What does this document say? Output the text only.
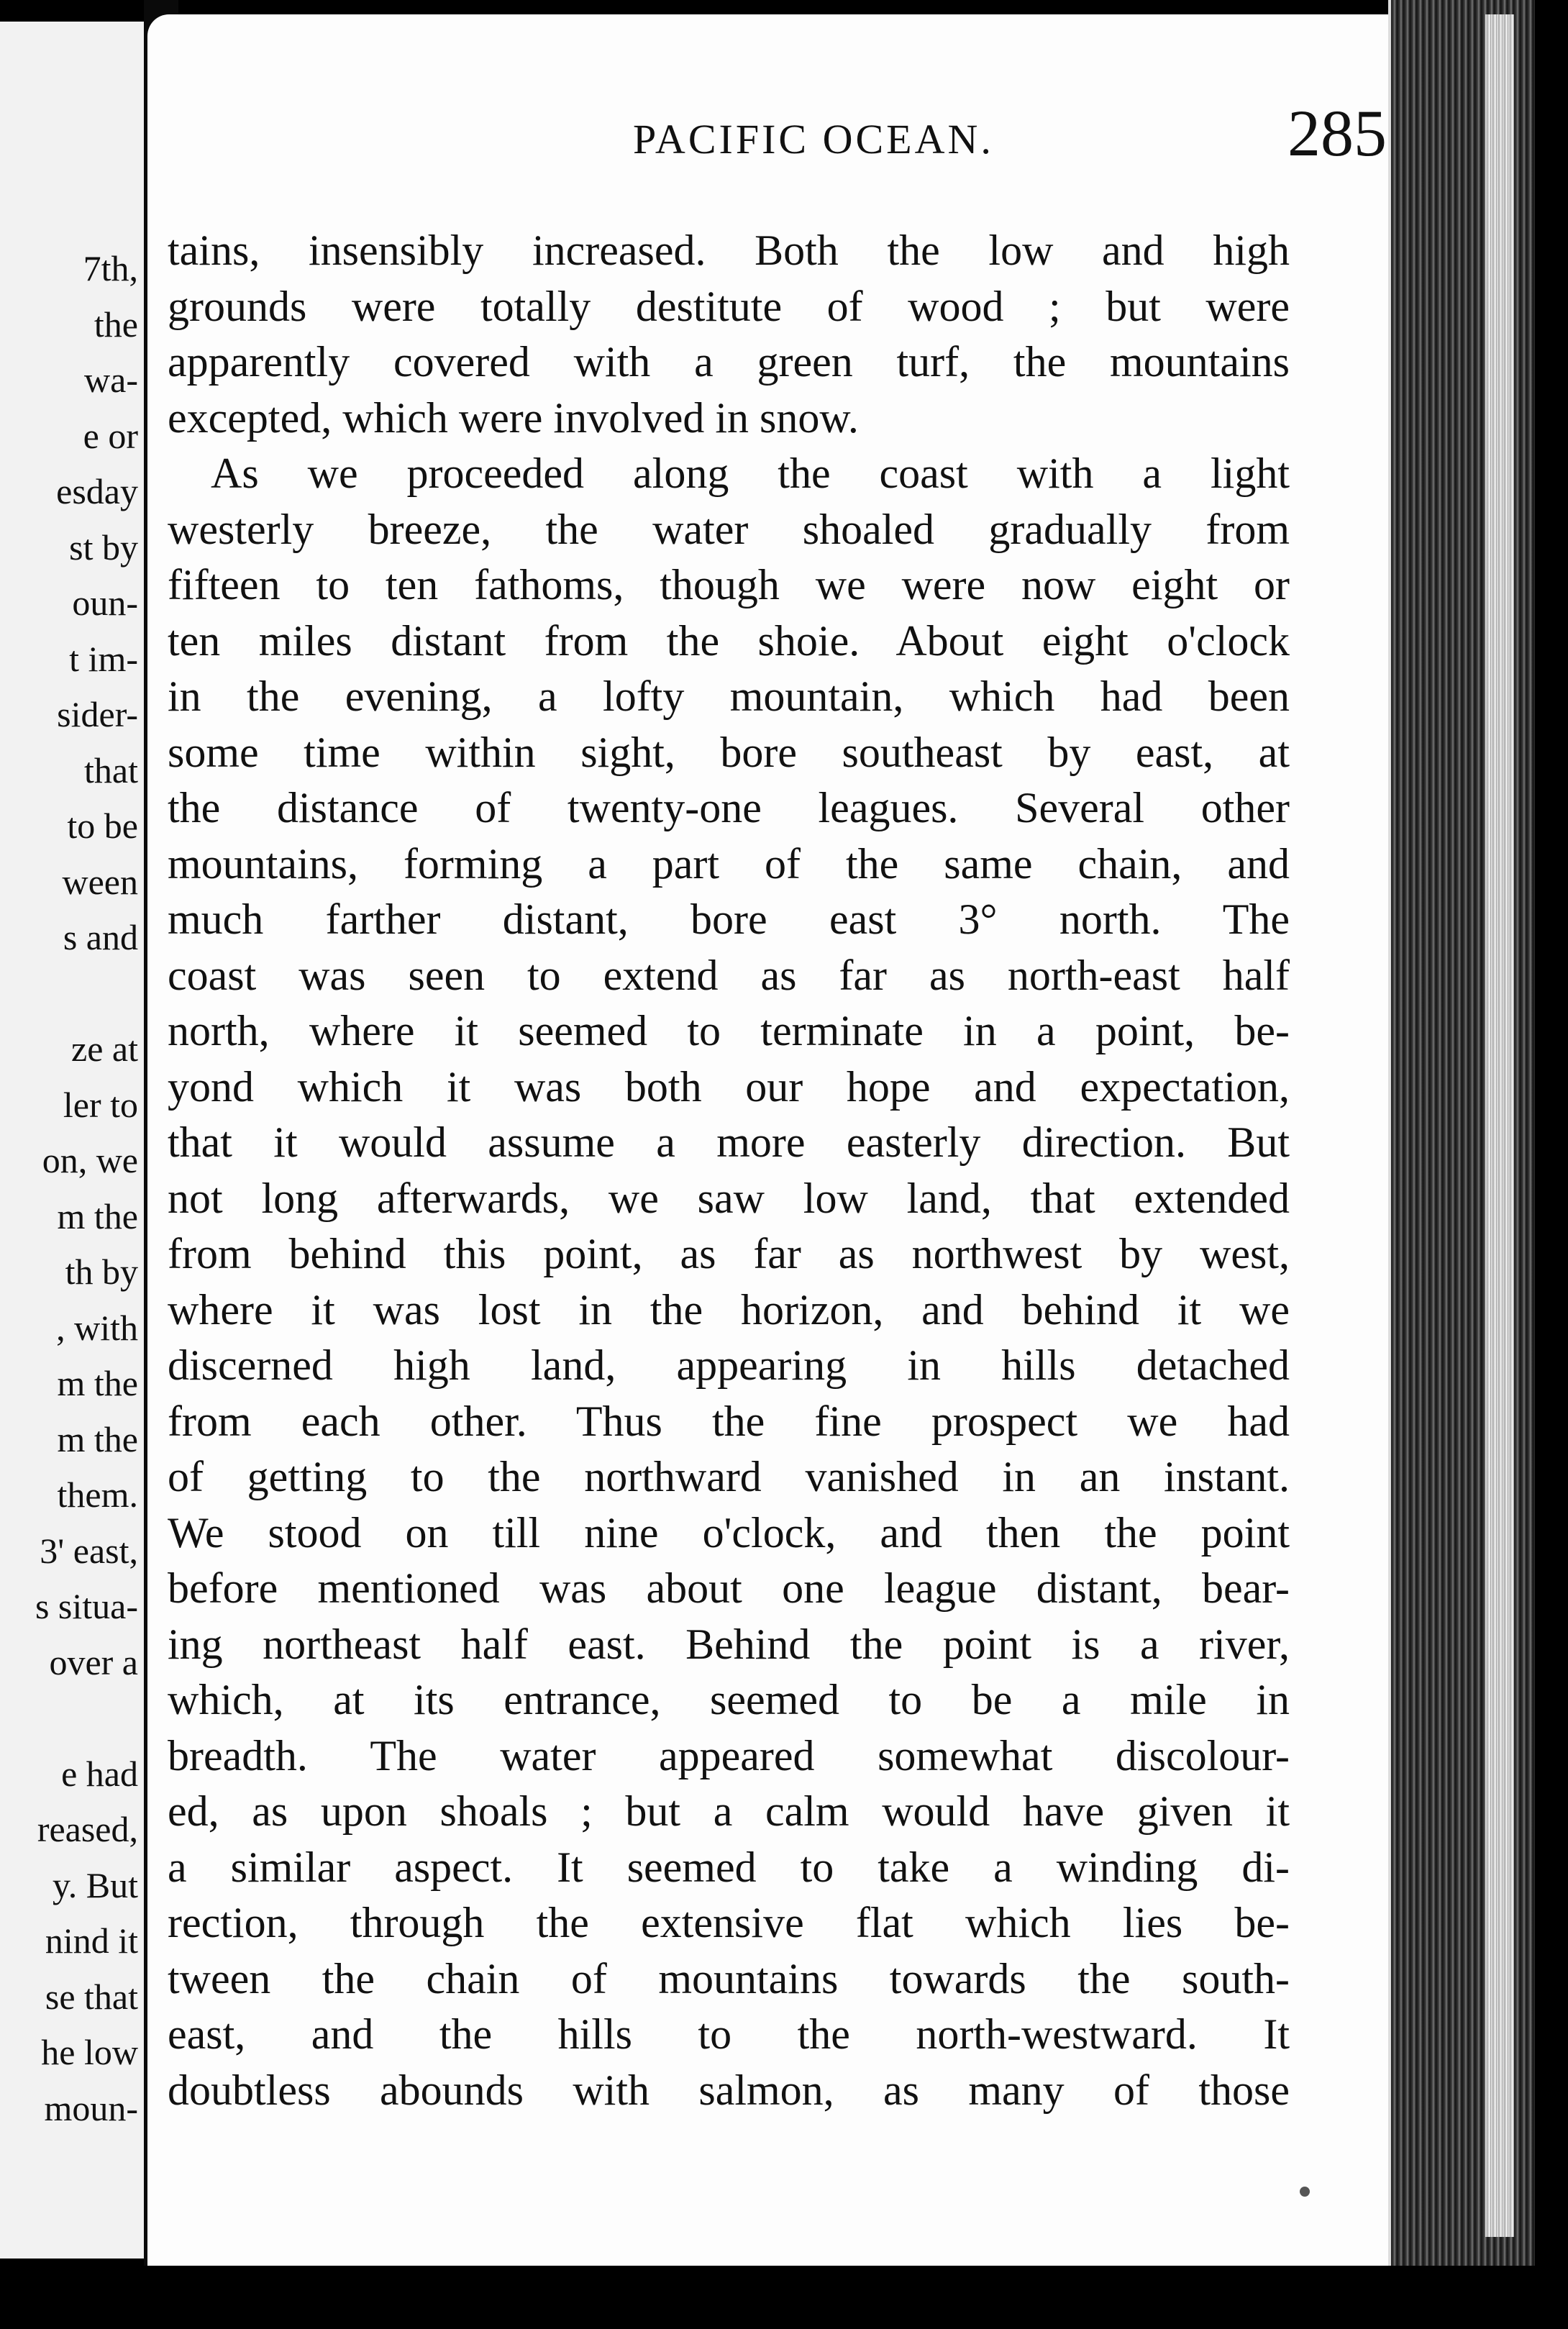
7th,
the
wa-
e or
esday
st by
oun-
t im-
sider-
that
to be
ween
s and
ze at
ler to
on, we
m the
th by
, with
m the
m the
them.
3' east,
s situa-
over a
e had
reased,
y. But
nind it
se that
he low
moun-
PACIFIC OCEAN.	285
tains, insensibly increased. Both the low and high
grounds were totally destitute of wood ; but were
apparently covered with a green turf, the mountains
excepted, which were involved in snow.
As we proceeded along the coast with a light
westerly breeze, the water shoaled gradually from
fifteen to ten fathoms, though we were now eight or
ten miles distant from the shoie. About eight o'clock
in the evening, a lofty mountain, which had been
some time within sight, bore southeast by east, at
the distance of twenty-one leagues. Several other
mountains, forming a part of the same chain, and
much farther distant, bore east 3° north. The
coast was seen to extend as far as north-east half
north, where it seemed to terminate in a point, be-
yond which it was both our hope and expectation,
that it would assume a more easterly direction. But
not long afterwards, we saw low land, that extended
from behind this point, as far as northwest by west,
where it was lost in the horizon, and behind it we
discerned high land, appearing in hills detached
from each other. Thus the fine prospect we had
of getting to the northward vanished in an instant.
We stood on till nine o'clock, and then the point
before mentioned was about one league distant, bear-
ing northeast half east. Behind the point is a river,
which, at its entrance, seemed to be a mile in
breadth. The water appeared somewhat discolour-
ed, as upon shoals ; but a calm would have given it
a similar aspect. It seemed to take a winding di-
rection, through the extensive flat which lies be-
tween the chain of mountains towards the south-
east, and the hills to the north-westward. It
doubtless abounds with salmon, as many of those
